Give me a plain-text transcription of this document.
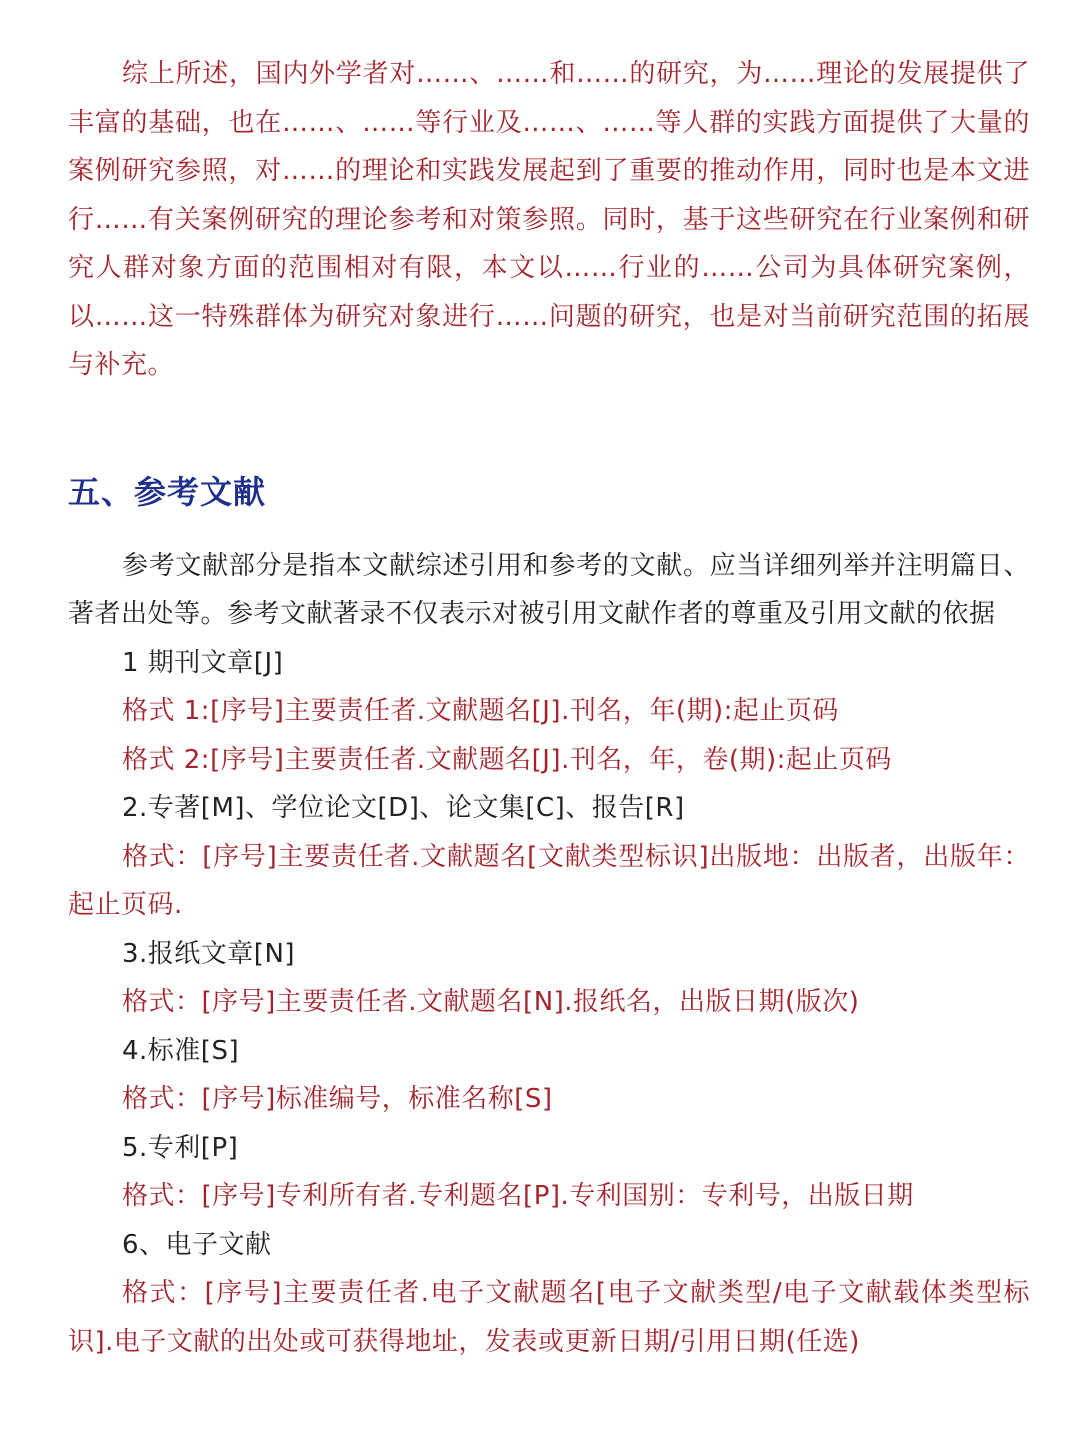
综上所述，国内外学者对……、……和……的研究，为……理论的发展提供了丰富的基础，也在……、……等行业及……、……等人群的实践方面提供了大量的案例研究参照，对……的理论和实践发展起到了重要的推动作用，同时也是本文进行……有关案例研究的理论参考和对策参照。同时，基于这些研究在行业案例和研究人群对象方面的范围相对有限，本文以……行业的……公司为具体研究案例，以……这一特殊群体为研究对象进行……问题的研究，也是对当前研究范围的拓展与补充。

五、参考文献

参考文献部分是指本文献综述引用和参考的文献。应当详细列举并注明篇日、著者出处等。参考文献著录不仅表示对被引用文献作者的尊重及引用文献的依据

1 期刊文章[J]

格式 1:[序号]主要责任者.文献题名[J].刊名，年(期):起止页码

格式 2:[序号]主要责任者.文献题名[J].刊名，年，卷(期):起止页码

2.专著[M]、学位论文[D]、论文集[C]、报告[R]

格式：[序号]主要责任者.文献题名[文献类型标识]出版地：出版者，出版年：起止页码.

3.报纸文章[N]

格式：[序号]主要责任者.文献题名[N].报纸名，出版日期(版次)

4.标准[S]

格式：[序号]标准编号，标准名称[S]

5.专利[P]

格式：[序号]专利所有者.专利题名[P].专利国别：专利号，出版日期

6、电子文献

格式：[序号]主要责任者.电子文献题名[电子文献类型/电子文献载体类型标识].电子文献的出处或可获得地址，发表或更新日期/引用日期(任选)
